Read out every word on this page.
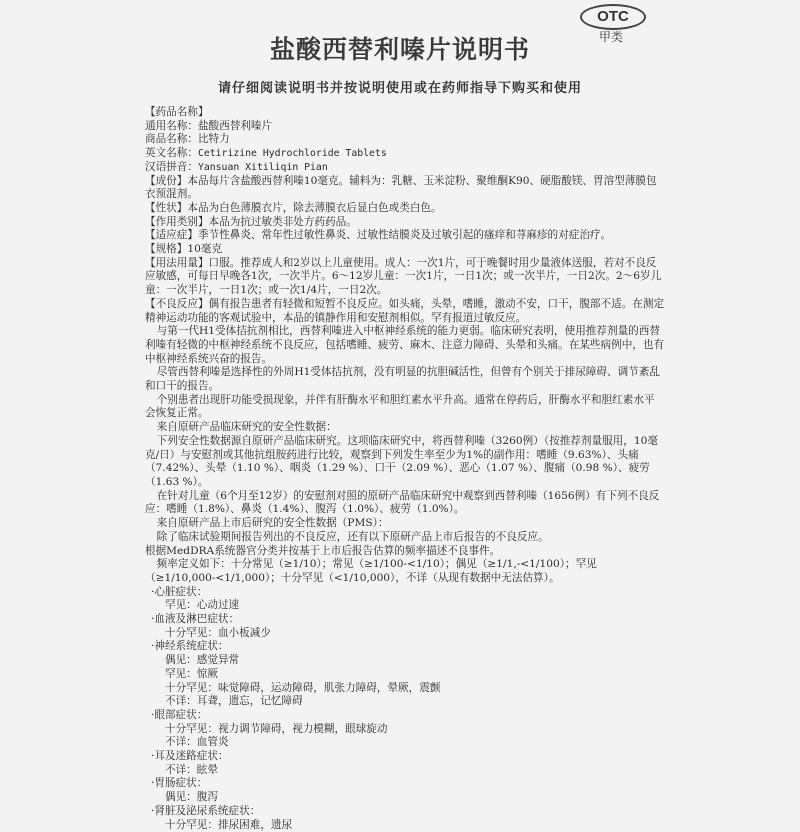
盐酸西替利嗪片说明书
OTC
甲类
请仔细阅读说明书并按说明使用或在药师指导下购买和使用

【药品名称】

通用名称：盐酸西替利嗪片

商品名称：比特力

英文名称：Cetirizine Hydrochloride Tablets

汉语拼音：Yansuan Xitiliqin Pian

【成份】本品每片含盐酸西替利嗪10毫克。辅料为：乳糖、玉米淀粉、聚维酮K90、硬脂酸镁、胃溶型薄膜包衣预混剂。

【性状】本品为白色薄膜衣片，除去薄膜衣后显白色或类白色。

【作用类别】本品为抗过敏类非处方药药品。

【适应症】季节性鼻炎、常年性过敏性鼻炎、过敏性结膜炎及过敏引起的瘙痒和荨麻疹的对症治疗。

【规格】10毫克

【用法用量】口服。推荐成人和2岁以上儿童使用。成人：一次1片，可于晚餐时用少量液体送服，若对不良反应敏感，可每日早晚各1次，一次半片。6～12岁儿童：一次1片，一日1次；或一次半片，一日2次。2～6岁儿童：一次半片，一日1次；或一次1/4片，一日2次。

【不良反应】偶有报告患者有轻微和短暂不良反应。如头痛，头晕，嗜睡，激动不安，口干，腹部不适。在测定精神运动功能的客观试验中，本品的镇静作用和安慰剂相似。罕有报道过敏反应。

与第一代H1受体拮抗剂相比，西替利嗪进入中枢神经系统的能力更弱。临床研究表明，使用推荐剂量的西替利嗪有轻微的中枢神经系统不良反应，包括嗜睡、疲劳、麻木、注意力障碍、头晕和头痛。在某些病例中，也有中枢神经系统兴奋的报告。

尽管西替利嗪是选择性的外周H1受体拮抗剂，没有明显的抗胆碱活性，但曾有个别关于排尿障碍、调节紊乱和口干的报告。

个别患者出现肝功能受损现象，并伴有肝酶水平和胆红素水平升高。通常在停药后，肝酶水平和胆红素水平会恢复正常。

来自原研产品临床研究的安全性数据：

下列安全性数据源自原研产品临床研究。这项临床研究中，将西替利嗪（3260例）（按推荐剂量服用，10毫克/日）与安慰剂或其他抗组胺药进行比较，观察到下列发生率至少为1%的副作用：嗜睡（9.63%）、头痛（7.42%）、头晕（1.10 %）、咽炎（1.29 %）、口干（2.09 %）、恶心（1.07 %）、腹痛（0.98 %）、疲劳（1.63 %）。

在针对儿童（6个月至12岁）的安慰剂对照的原研产品临床研究中观察到西替利嗪（1656例）有下列不良反应：嗜睡（1.8%）、鼻炎（1.4%）、腹泻（1.0%）、疲劳（1.0%）。

来自原研产品上市后研究的安全性数据（PMS）：

除了临床试验期间报告列出的不良反应，还有以下原研产品上市后报告的不良反应。

根据MedDRA系统器官分类并按基于上市后报告估算的频率描述不良事件。

频率定义如下：十分常见（≥1/10）；常见（≥1/100-<1/10）；偶见（≥1/1,-<1/100）；罕见（≥1/10,000-<1/1,000）；十分罕见（<1/10,000），不详（从现有数据中无法估算）。

·心脏症状：

罕见：心动过速

·血液及淋巴症状：

十分罕见：血小板减少

·神经系统症状：

偶见：感觉异常

罕见：惊厥

十分罕见：味觉障碍，运动障碍，肌张力障碍，晕厥，震颤

不详：耳聋，遗忘，记忆障碍

·眼部症状：

十分罕见：视力调节障碍，视力模糊，眼球旋动

不详：血管炎

·耳及迷路症状：

不详：眩晕

·胃肠症状：

偶见：腹泻

·肾脏及泌尿系统症状：

十分罕见：排尿困难，遗尿
